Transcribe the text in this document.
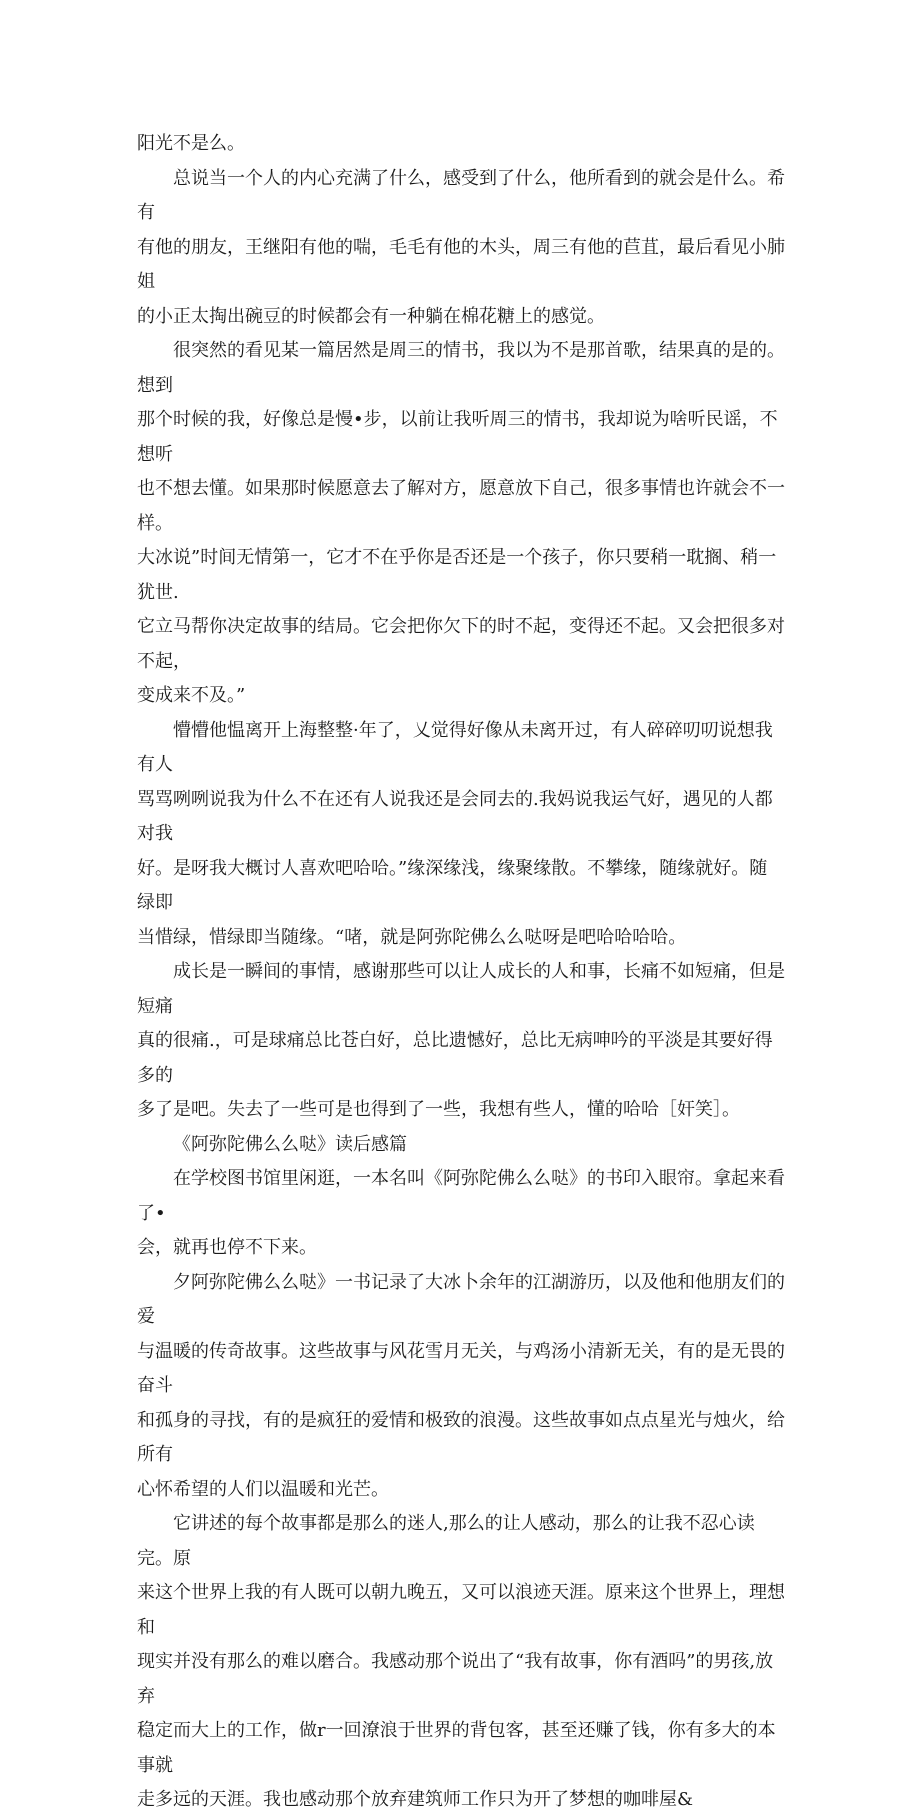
阳光不是么。

总说当一个人的内心充满了什么，感受到了什么，他所看到的就会是什么。希有
有他的朋友，王继阳有他的喘，毛毛有他的木头，周三有他的苣苴，最后看见小肺姐
的小正太掏出碗豆的时候都会有一种躺在棉花糖上的感觉。

很突然的看见某一篇居然是周三的情书，我以为不是那首歌，结果真的是的。想到
那个时候的我，好像总是慢•步，以前让我听周三的情书，我却说为啥听民谣，不想听
也不想去懂。如果那时候愿意去了解对方，愿意放下自己，很多事情也许就会不一样。
大冰说”时间无情第一，它才不在乎你是否还是一个孩子，你只要稍一耽搁、稍一犹世.
它立马帮你决定故事的结局。它会把你欠下的时不起，变得还不起。又会把很多对不起，
变成来不及。”

懵懵他愠离开上海整整·年了，乂觉得好像从未离开过，有人碎碎叨叨说想我有人
骂骂咧咧说我为什么不在还有人说我还是会同去的.我妈说我运气好，遇见的人都对我
好。是呀我大概讨人喜欢吧哈哈。”缘深缘浅，缘聚缘散。不攀缘，随缘就好。随绿即
当惜绿，惜绿即当随缘。“啫，就是阿弥陀佛么么哒呀是吧哈哈哈哈。

成长是一瞬间的事情，感谢那些可以让人成长的人和事，长痛不如短痛，但是短痛
真的很痛.，可是球痛总比苍白好，总比遗憾好，总比无病呻吟的平淡是其要好得多的
多了是吧。失去了一些可是也得到了一些，我想有些人，懂的哈哈［奸笑］。

《阿弥陀佛么么哒》读后感篇

在学校图书馆里闲逛，一本名叫《阿弥陀佛么么哒》的书印入眼帘。拿起来看了•
会，就再也停不下来。

夕阿弥陀佛么么哒》一书记录了大冰卜余年的江湖游历，以及他和他朋友们的爱
与温暖的传奇故事。这些故事与风花雪月无关，与鸡汤小清新无关，有的是无畏的奋斗
和孤身的寻找，有的是疯狂的爱情和极致的浪漫。这些故事如点点星光与烛火，给所有
心怀希望的人们以温暖和光芒。

它讲述的每个故事都是那么的迷人,那么的让人感动，那么的让我不忍心读完。原
来这个世界上我的有人既可以朝九晚五，又可以浪迹天涯。原来这个世界上，理想和
现实并没有那么的难以磨合。我感动那个说出了“我有故事，你有酒吗”的男孩,放弃
稳定而大上的工作，做r一回潦浪于世界的背包客，甚至还赚了钱，你有多大的本事就
走多远的天涯。我也感动那个放弃建筑师工作只为开了梦想的咖啡屋&
